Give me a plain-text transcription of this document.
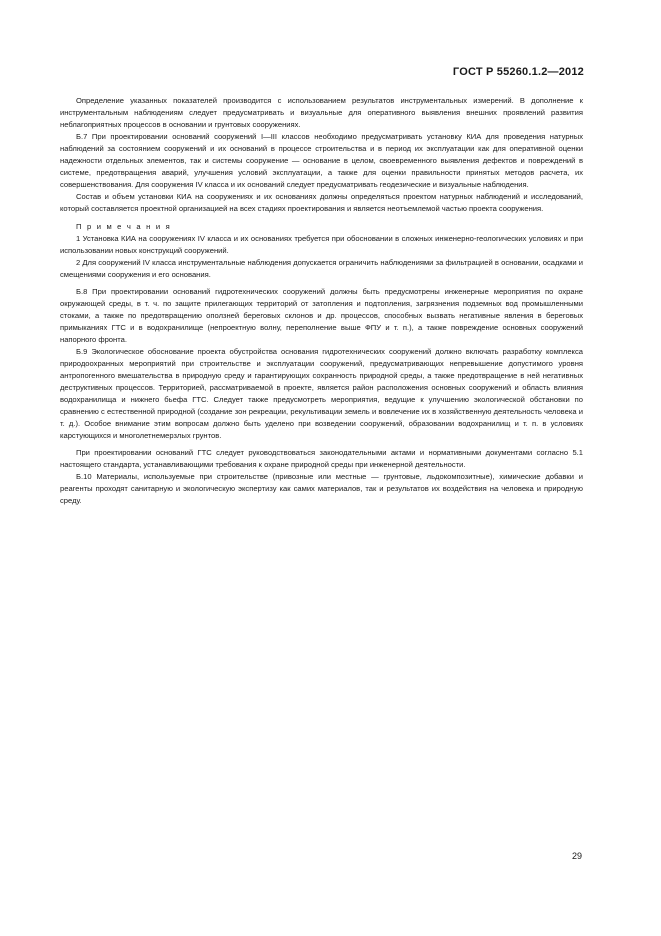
ГОСТ Р 55260.1.2—2012

Определение указанных показателей производится с использованием результатов инструментальных измерений. В дополнение к инструментальным наблюдениям следует предусматривать и визуальные для оперативного выявления внешних проявлений развития неблагоприятных процессов в основании и грунтовых сооружениях.

Б.7 При проектировании оснований сооружений I—III классов необходимо предусматривать установку КИА для проведения натурных наблюдений за состоянием сооружений и их оснований в процессе строительства и в период их эксплуатации как для оперативной оценки надежности отдельных элементов, так и системы сооружение — основание в целом, своевременного выявления дефектов и повреждений в системе, предотвращения аварий, улучшения условий эксплуатации, а также для оценки правильности принятых методов расчета, их совершенствования. Для сооружения IV класса и их оснований следует предусматривать геодезические и визуальные наблюдения.

Состав и объем установки КИА на сооружениях и их основаниях должны определяться проектом натурных наблюдений и исследований, который составляется проектной организацией на всех стадиях проектирования и является неотъемлемой частью проекта сооружения.

П р и м е ч а н и я

1 Установка КИА на сооружениях IV класса и их основаниях требуется при обосновании в сложных инженерно-геологических условиях и при использовании новых конструкций сооружений.

2 Для сооружений IV класса инструментальные наблюдения допускается ограничить наблюдениями за фильтрацией в основании, осадками и смещениями сооружения и его основания.

Б.8 При проектировании оснований гидротехнических сооружений должны быть предусмотрены инженерные мероприятия по охране окружающей среды, в т. ч. по защите прилегающих территорий от затопления и подтопления, загрязнения подземных вод промышленными стоками, а также по предотвращению оползней береговых склонов и др. процессов, способных вызвать негативные явления в береговых примыканиях ГТС и в водохранилище (непроектную волну, переполнение выше ФПУ и т. п.), а также повреждение основных сооружений напорного фронта.

Б.9 Экологическое обоснование проекта обустройства основания гидротехнических сооружений должно включать разработку комплекса природоохранных мероприятий при строительстве и эксплуатации сооружений, предусматривающих непревышение допустимого уровня антропогенного вмешательства в природную среду и гарантирующих сохранность природной среды, а также предотвращение в ней негативных деструктивных процессов. Территорией, рассматриваемой в проекте, является район расположения основных сооружений и область влияния водохранилища и нижнего бьефа ГТС. Следует также предусмотреть мероприятия, ведущие к улучшению экологической обстановки по сравнению с естественной природной (создание зон рекреации, рекультивации земель и вовлечение их в хозяйственную деятельность человека и т. д.). Особое внимание этим вопросам должно быть уделено при возведении сооружений, образовании водохранилищ и т. п. в условиях карстующихся и многолетнемерзлых грунтов.

При проектировании оснований ГТС следует руководствоваться законодательными актами и нормативными документами согласно 5.1 настоящего стандарта, устанавливающими требования к охране природной среды при инженерной деятельности.

Б.10 Материалы, используемые при строительстве (привозные или местные — грунтовые, льдокомпозитные), химические добавки и реагенты проходят санитарную и экологическую экспертизу как самих материалов, так и результатов их воздействия на человека и природную среду.

29
